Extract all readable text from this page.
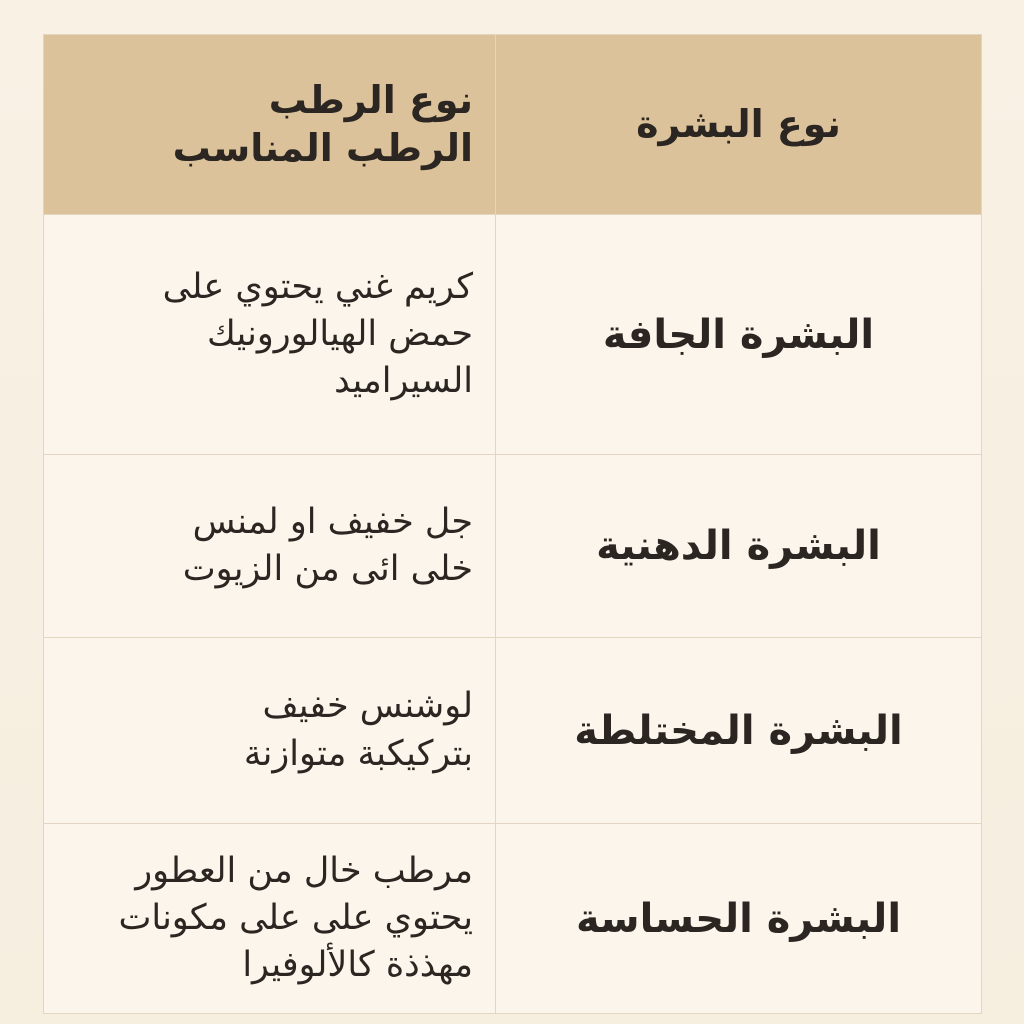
نوع البشرة	نوع الرطب
الرطب المناسب

البشرة الجافة	كريم غني يحتوي على
حمض الهيالورونيك
السيراميد

البشرة الدهنية	جل خفيف او لمنس
خلى ائى من الزيوت

البشرة المختلطة	لوشنس خفيف
بتركيكبة متوازنة

البشرة الحساسة	مرطب خال من العطور
يحتوي على على مكونات
مهذذة كالألوفيرا
